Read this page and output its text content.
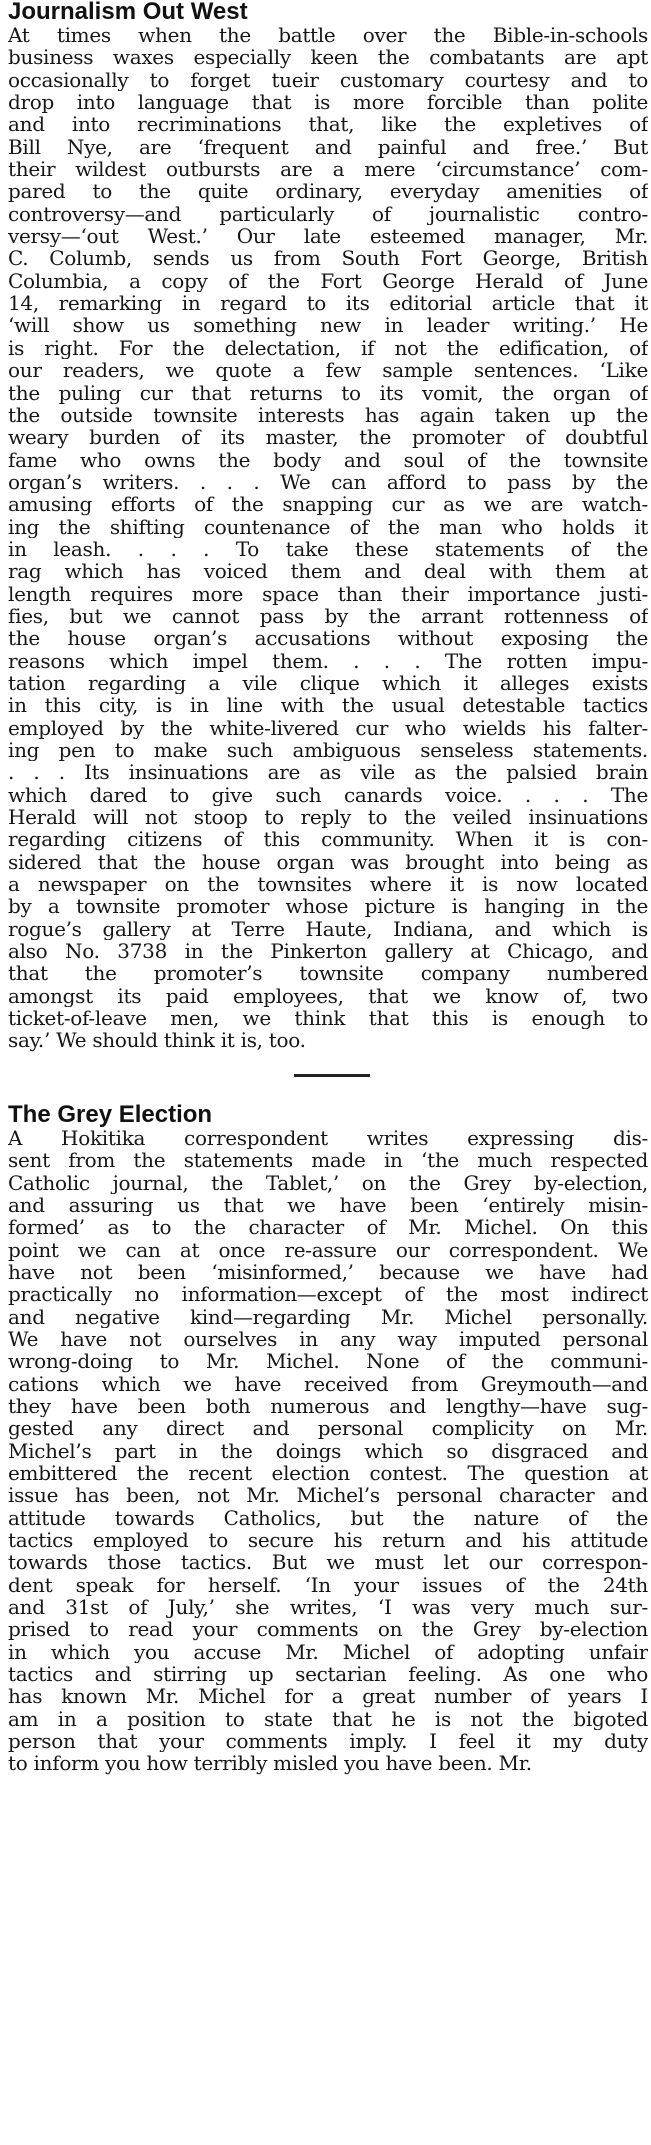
Journalism Out West
At times when the battle over the Bible-in-schools
business waxes especially keen the combatants are apt
occasionally to forget tueir customary courtesy and to
drop into language that is more forcible than polite
and into recriminations that, like the expletives of
Bill Nye, are ‘frequent and painful and free.’ But
their wildest outbursts are a mere ‘circumstance’ com-
pared to the quite ordinary, everyday amenities of
controversy—and particularly of journalistic contro-
versy—‘out West.’ Our late esteemed manager, Mr.
C. Columb, sends us from South Fort George, British
Columbia, a copy of the Fort George Herald of June
14, remarking in regard to its editorial article that it
‘will show us something new in leader writing.’ He
is right. For the delectation, if not the edification, of
our readers, we quote a few sample sentences. ‘Like
the puling cur that returns to its vomit, the organ of
the outside townsite interests has again taken up the
weary burden of its master, the promoter of doubtful
fame who owns the body and soul of the townsite
organ’s writers. . . . We can afford to pass by the
amusing efforts of the snapping cur as we are watch-
ing the shifting countenance of the man who holds it
in leash. . . . To take these statements of the
rag which has voiced them and deal with them at
length requires more space than their importance justi-
fies, but we cannot pass by the arrant rottenness of
the house organ’s accusations without exposing the
reasons which impel them. . . . The rotten impu-
tation regarding a vile clique which it alleges exists
in this city, is in line with the usual detestable tactics
employed by the white-livered cur who wields his falter-
ing pen to make such ambiguous senseless statements.
. . . Its insinuations are as vile as the palsied brain
which dared to give such canards voice. . . . The
Herald will not stoop to reply to the veiled insinuations
regarding citizens of this community. When it is con-
sidered that the house organ was brought into being as
a newspaper on the townsites where it is now located
by a townsite promoter whose picture is hanging in the
rogue’s gallery at Terre Haute, Indiana, and which is
also No. 3738 in the Pinkerton gallery at Chicago, and
that the promoter’s townsite company numbered
amongst its paid employees, that we know of, two
ticket-of-leave men, we think that this is enough to
say.’ We should think it is, too.
The Grey Election
A Hokitika correspondent writes expressing dis-
sent from the statements made in ‘the much respected
Catholic journal, the Tablet,’ on the Grey by-election,
and assuring us that we have been ‘entirely misin-
formed’ as to the character of Mr. Michel. On this
point we can at once re-assure our correspondent. We
have not been ‘misinformed,’ because we have had
practically no information—except of the most indirect
and negative kind—regarding Mr. Michel personally.
We have not ourselves in any way imputed personal
wrong-doing to Mr. Michel. None of the communi-
cations which we have received from Greymouth—and
they have been both numerous and lengthy—have sug-
gested any direct and personal complicity on Mr.
Michel’s part in the doings which so disgraced and
embittered the recent election contest. The question at
issue has been, not Mr. Michel’s personal character and
attitude towards Catholics, but the nature of the
tactics employed to secure his return and his attitude
towards those tactics. But we must let our correspon-
dent speak for herself. ‘In your issues of the 24th
and 31st of July,’ she writes, ‘I was very much sur-
prised to read your comments on the Grey by-election
in which you accuse Mr. Michel of adopting unfair
tactics and stirring up sectarian feeling. As one who
has known Mr. Michel for a great number of years I
am in a position to state that he is not the bigoted
person that your comments imply. I feel it my duty
to inform you how terribly misled you have been. Mr.
